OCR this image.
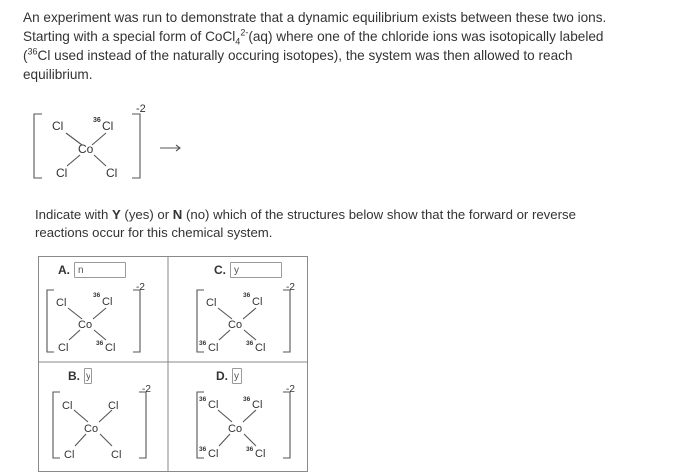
An experiment was run to demonstrate that a dynamic equilibrium exists between these two ions.
Starting with a special form of CoCl$_4^{2-}$(aq) where one of the chloride ions was isotopically labeled
($^{36}$Cl used instead of the naturally occuring isotopes), the system was then allowed to reach
equilibrium.
-2
Cl	36 Cl
Co
Cl	Cl
Indicate with Y (yes) or N (no) which of the structures below show that the forward or reverse
reactions occur for this chemical system.
A.
n
-2
Cl
36
Cl
Co
Cl	36 Cl
C.
y
-2
Cl
36
Cl
Co
36 Cl	36 Cl
B.
y
-2
Cl	Cl
Co
Cl	Cl
D.
y
-2
36 Cl	36 Cl
Co
36 Cl	36 Cl
